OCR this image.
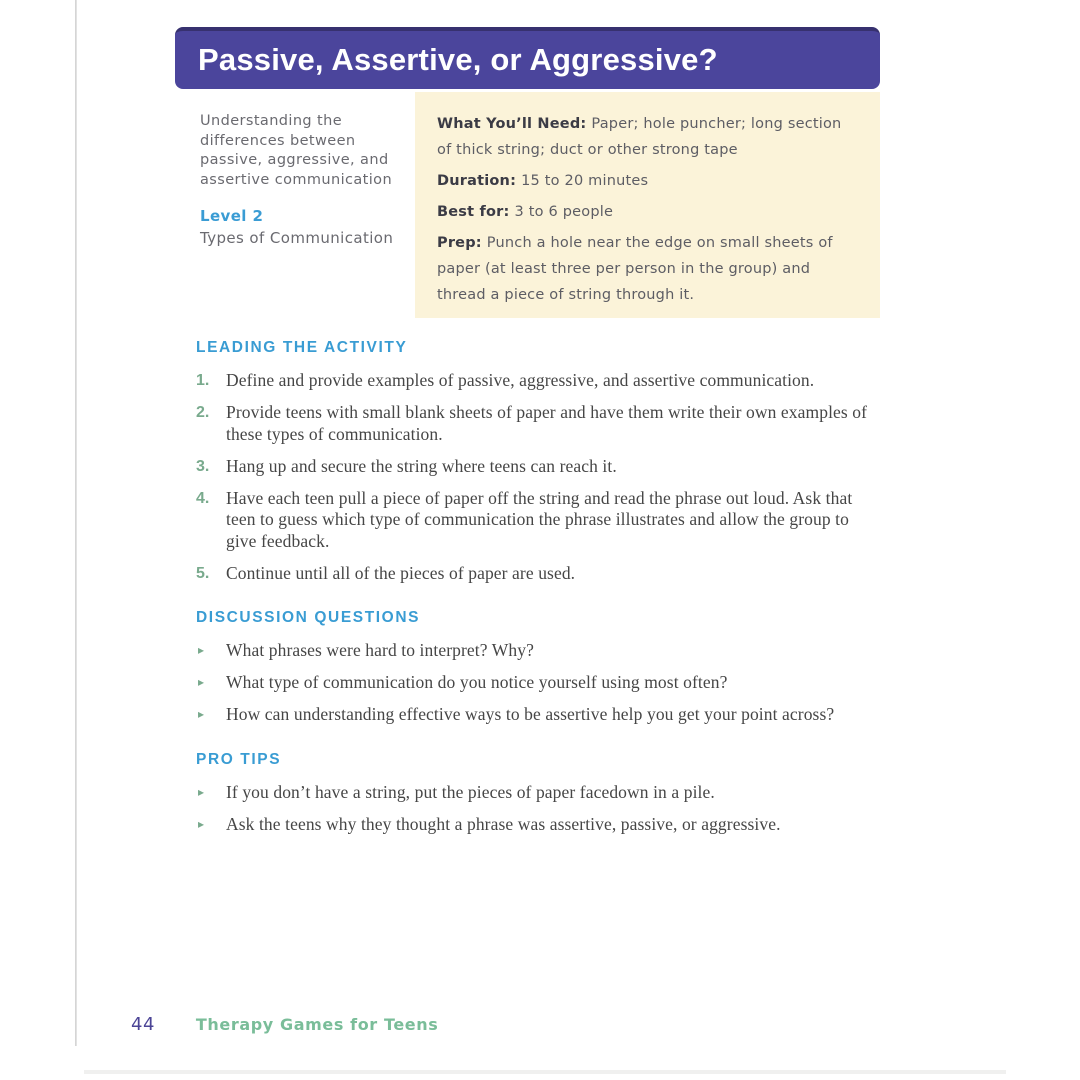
Passive, Assertive, or Aggressive?
Understanding the differences between passive, aggressive, and assertive communication
Level 2
Types of Communication

What You’ll Need: Paper; hole puncher; long section of thick string; duct or other strong tape

Duration: 15 to 20 minutes

Best for: 3 to 6 people

Prep: Punch a hole near the edge on small sheets of paper (at least three per person in the group) and thread a piece of string through it.

LEADING THE ACTIVITY
1. Define and provide examples of passive, aggressive, and assertive communication.
2. Provide teens with small blank sheets of paper and have them write their own examples of these types of communication.
3. Hang up and secure the string where teens can reach it.
4. Have each teen pull a piece of paper off the string and read the phrase out loud. Ask that teen to guess which type of communication the phrase illustrates and allow the group to give feedback.
5. Continue until all of the pieces of paper are used.
DISCUSSION QUESTIONS
▸	What phrases were hard to interpret? Why?
▸	What type of communication do you notice yourself using most often?
▸	How can understanding effective ways to be assertive help you get your point across?
PRO TIPS
▸	If you don’t have a string, put the pieces of paper facedown in a pile.
▸	Ask the teens why they thought a phrase was assertive, passive, or aggressive.
44	Therapy Games for Teens
